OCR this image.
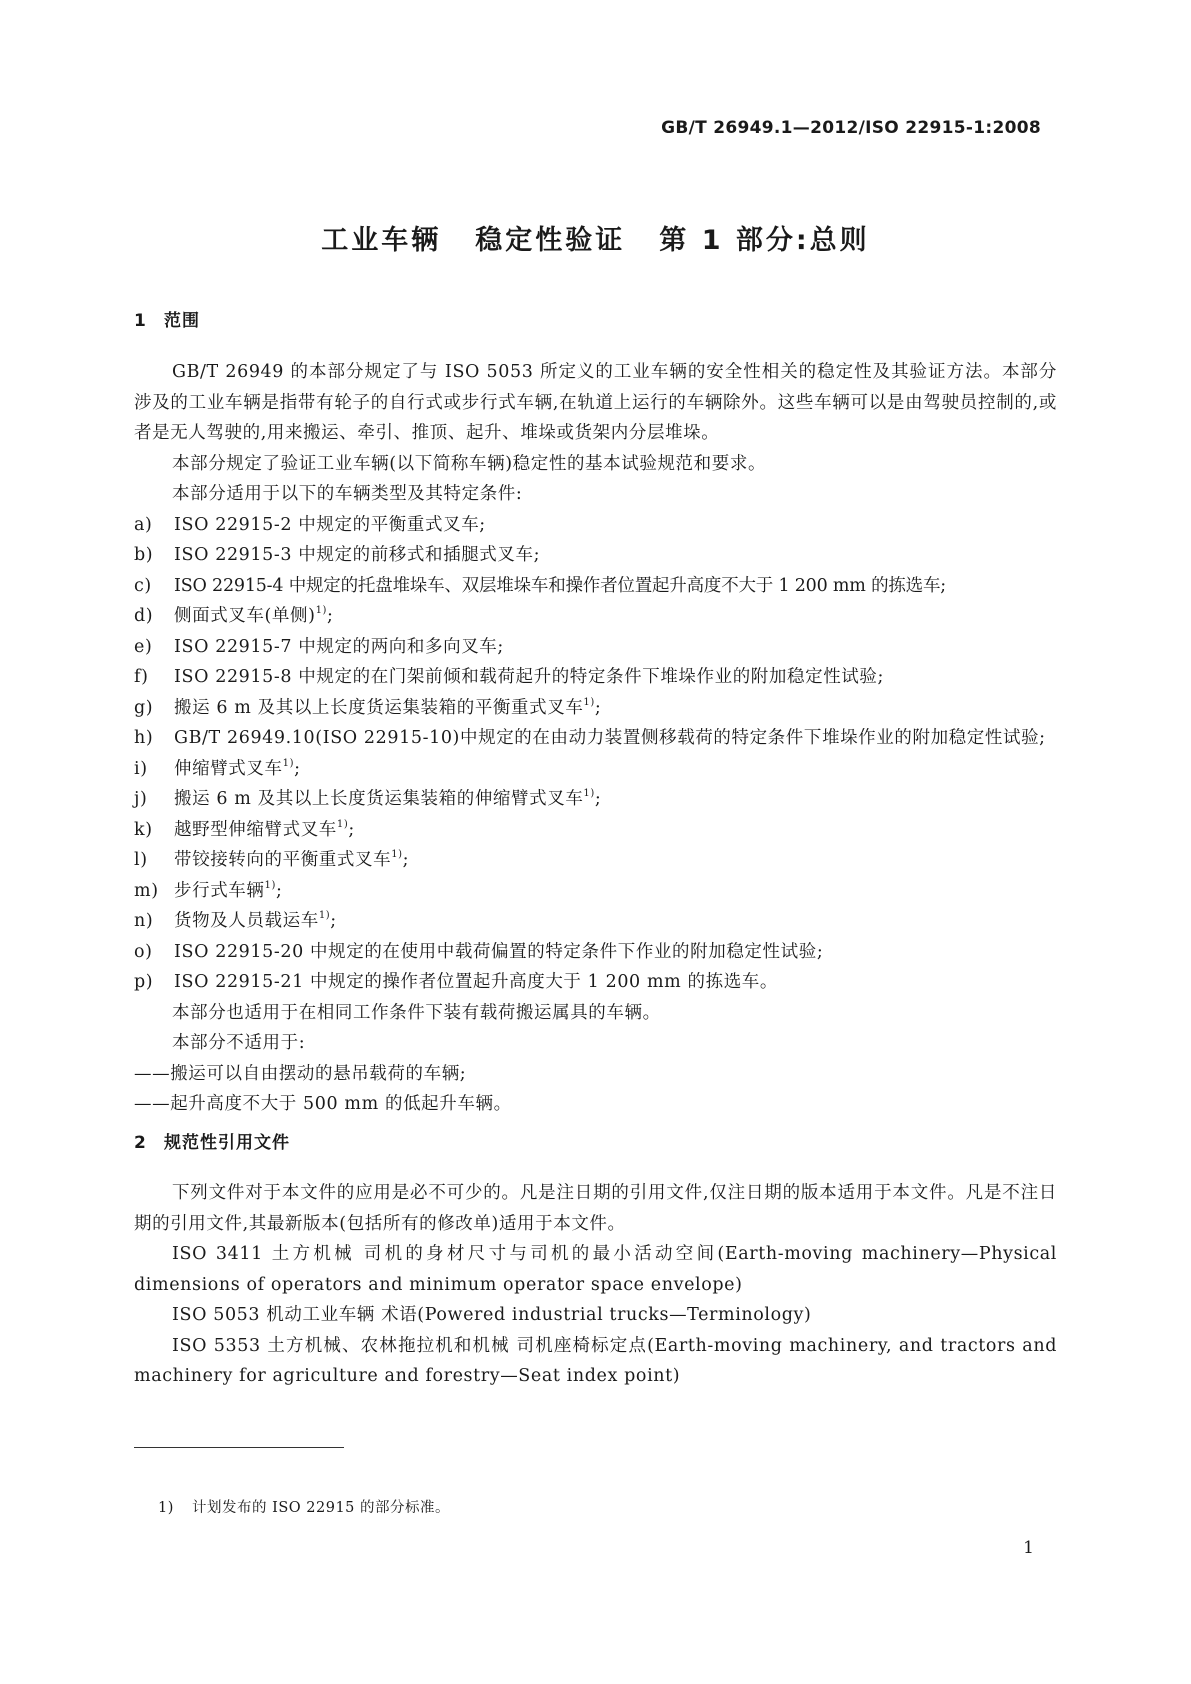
GB/T 26949.1—2012/ISO 22915-1:2008
工业车辆 稳定性验证 第 1 部分:总则
1 范围

GB/T 26949 的本部分规定了与 ISO 5053 所定义的工业车辆的安全性相关的稳定性及其验证方法。本部分涉及的工业车辆是指带有轮子的自行式或步行式车辆,在轨道上运行的车辆除外。这些车辆可以是由驾驶员控制的,或者是无人驾驶的,用来搬运、牵引、推顶、起升、堆垛或货架内分层堆垛。

本部分规定了验证工业车辆(以下简称车辆)稳定性的基本试验规范和要求。

本部分适用于以下的车辆类型及其特定条件:

a)	ISO 22915-2 中规定的平衡重式叉车;
b)	ISO 22915-3 中规定的前移式和插腿式叉车;
c)	ISO 22915-4 中规定的托盘堆垛车、双层堆垛车和操作者位置起升高度不大于 1 200 mm 的拣选车;
d)	侧面式叉车(单侧)$^{1)}$;
e)	ISO 22915-7 中规定的两向和多向叉车;
f)	ISO 22915-8 中规定的在门架前倾和载荷起升的特定条件下堆垛作业的附加稳定性试验;
g)	搬运 6 m 及其以上长度货运集装箱的平衡重式叉车$^{1)}$;
h)	GB/T 26949.10(ISO 22915-10)中规定的在由动力装置侧移载荷的特定条件下堆垛作业的附加稳定性试验;
i)	伸缩臂式叉车$^{1)}$;
j)	搬运 6 m 及其以上长度货运集装箱的伸缩臂式叉车$^{1)}$;
k)	越野型伸缩臂式叉车$^{1)}$;
l)	带铰接转向的平衡重式叉车$^{1)}$;
m) 步行式车辆$^{1)}$;
n)	货物及人员载运车$^{1)}$;
o)	ISO 22915-20 中规定的在使用中载荷偏置的特定条件下作业的附加稳定性试验;
p)	ISO 22915-21 中规定的操作者位置起升高度大于 1 200 mm 的拣选车。

本部分也适用于在相同工作条件下装有载荷搬运属具的车辆。

本部分不适用于:

——搬运可以自由摆动的悬吊载荷的车辆;

——起升高度不大于 500 mm 的低起升车辆。

2 规范性引用文件

下列文件对于本文件的应用是必不可少的。凡是注日期的引用文件,仅注日期的版本适用于本文件。凡是不注日期的引用文件,其最新版本(包括所有的修改单)适用于本文件。

ISO 3411 土方机械 司机的身材尺寸与司机的最小活动空间(Earth-moving machinery—Physical dimensions of operators and minimum operator space envelope)

ISO 5053 机动工业车辆 术语(Powered industrial trucks—Terminology)

ISO 5353 土方机械、农林拖拉机和机械 司机座椅标定点(Earth-moving machinery, and tractors and machinery for agriculture and forestry—Seat index point)

1) 计划发布的 ISO 22915 的部分标准。
1
